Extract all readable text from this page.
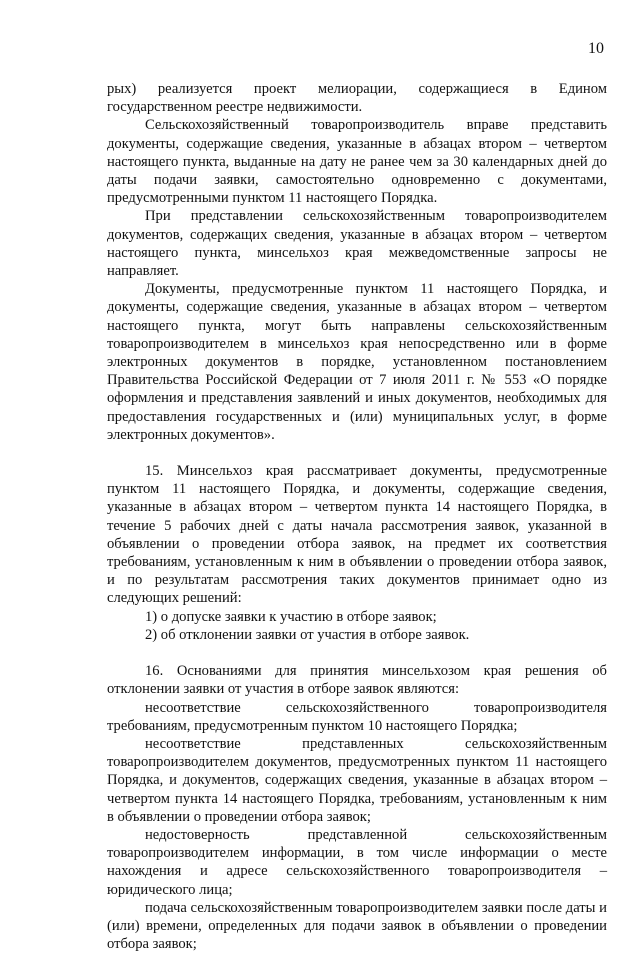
10

рых) реализуется проект мелиорации, содержащиеся в Едином государственном реестре недвижимости.

Сельскохозяйственный товаропроизводитель вправе представить документы, содержащие сведения, указанные в абзацах втором – четвертом настоящего пункта, выданные на дату не ранее чем за 30 календарных дней до даты подачи заявки, самостоятельно одновременно с документами, предусмотренными пунктом 11 настоящего Порядка.

При представлении сельскохозяйственным товаропроизводителем документов, содержащих сведения, указанные в абзацах втором – четвертом настоящего пункта, минсельхоз края межведомственные запросы не направляет.

Документы, предусмотренные пунктом 11 настоящего Порядка, и документы, содержащие сведения, указанные в абзацах втором – четвертом настоящего пункта, могут быть направлены сельскохозяйственным товаропроизводителем в минсельхоз края непосредственно или в форме электронных документов в порядке, установленном постановлением Правительства Российской Федерации от 7 июля 2011 г. № 553 «О порядке оформления и представления заявлений и иных документов, необходимых для предоставления государственных и (или) муниципальных услуг, в форме электронных документов».

15. Минсельхоз края рассматривает документы, предусмотренные пунктом 11 настоящего Порядка, и документы, содержащие сведения, указанные в абзацах втором – четвертом пункта 14 настоящего Порядка, в течение 5 рабочих дней с даты начала рассмотрения заявок, указанной в объявлении о проведении отбора заявок, на предмет их соответствия требованиям, установленным к ним в объявлении о проведении отбора заявок, и по результатам рассмотрения таких документов принимает одно из следующих решений:

1) о допуске заявки к участию в отборе заявок;

2) об отклонении заявки от участия в отборе заявок.

16. Основаниями для принятия минсельхозом края решения об отклонении заявки от участия в отборе заявок являются:

несоответствие сельскохозяйственного товаропроизводителя требованиям, предусмотренным пунктом 10 настоящего Порядка;

несоответствие представленных сельскохозяйственным товаропроизводителем документов, предусмотренных пунктом 11 настоящего Порядка, и документов, содержащих сведения, указанные в абзацах втором – четвертом пункта 14 настоящего Порядка, требованиям, установленным к ним в объявлении о проведении отбора заявок;

недостоверность представленной сельскохозяйственным товаропроизводителем информации, в том числе информации о месте нахождения и адресе сельскохозяйственного товаропроизводителя – юридического лица;

подача сельскохозяйственным товаропроизводителем заявки после даты и (или) времени, определенных для подачи заявок в объявлении о проведении отбора заявок;
